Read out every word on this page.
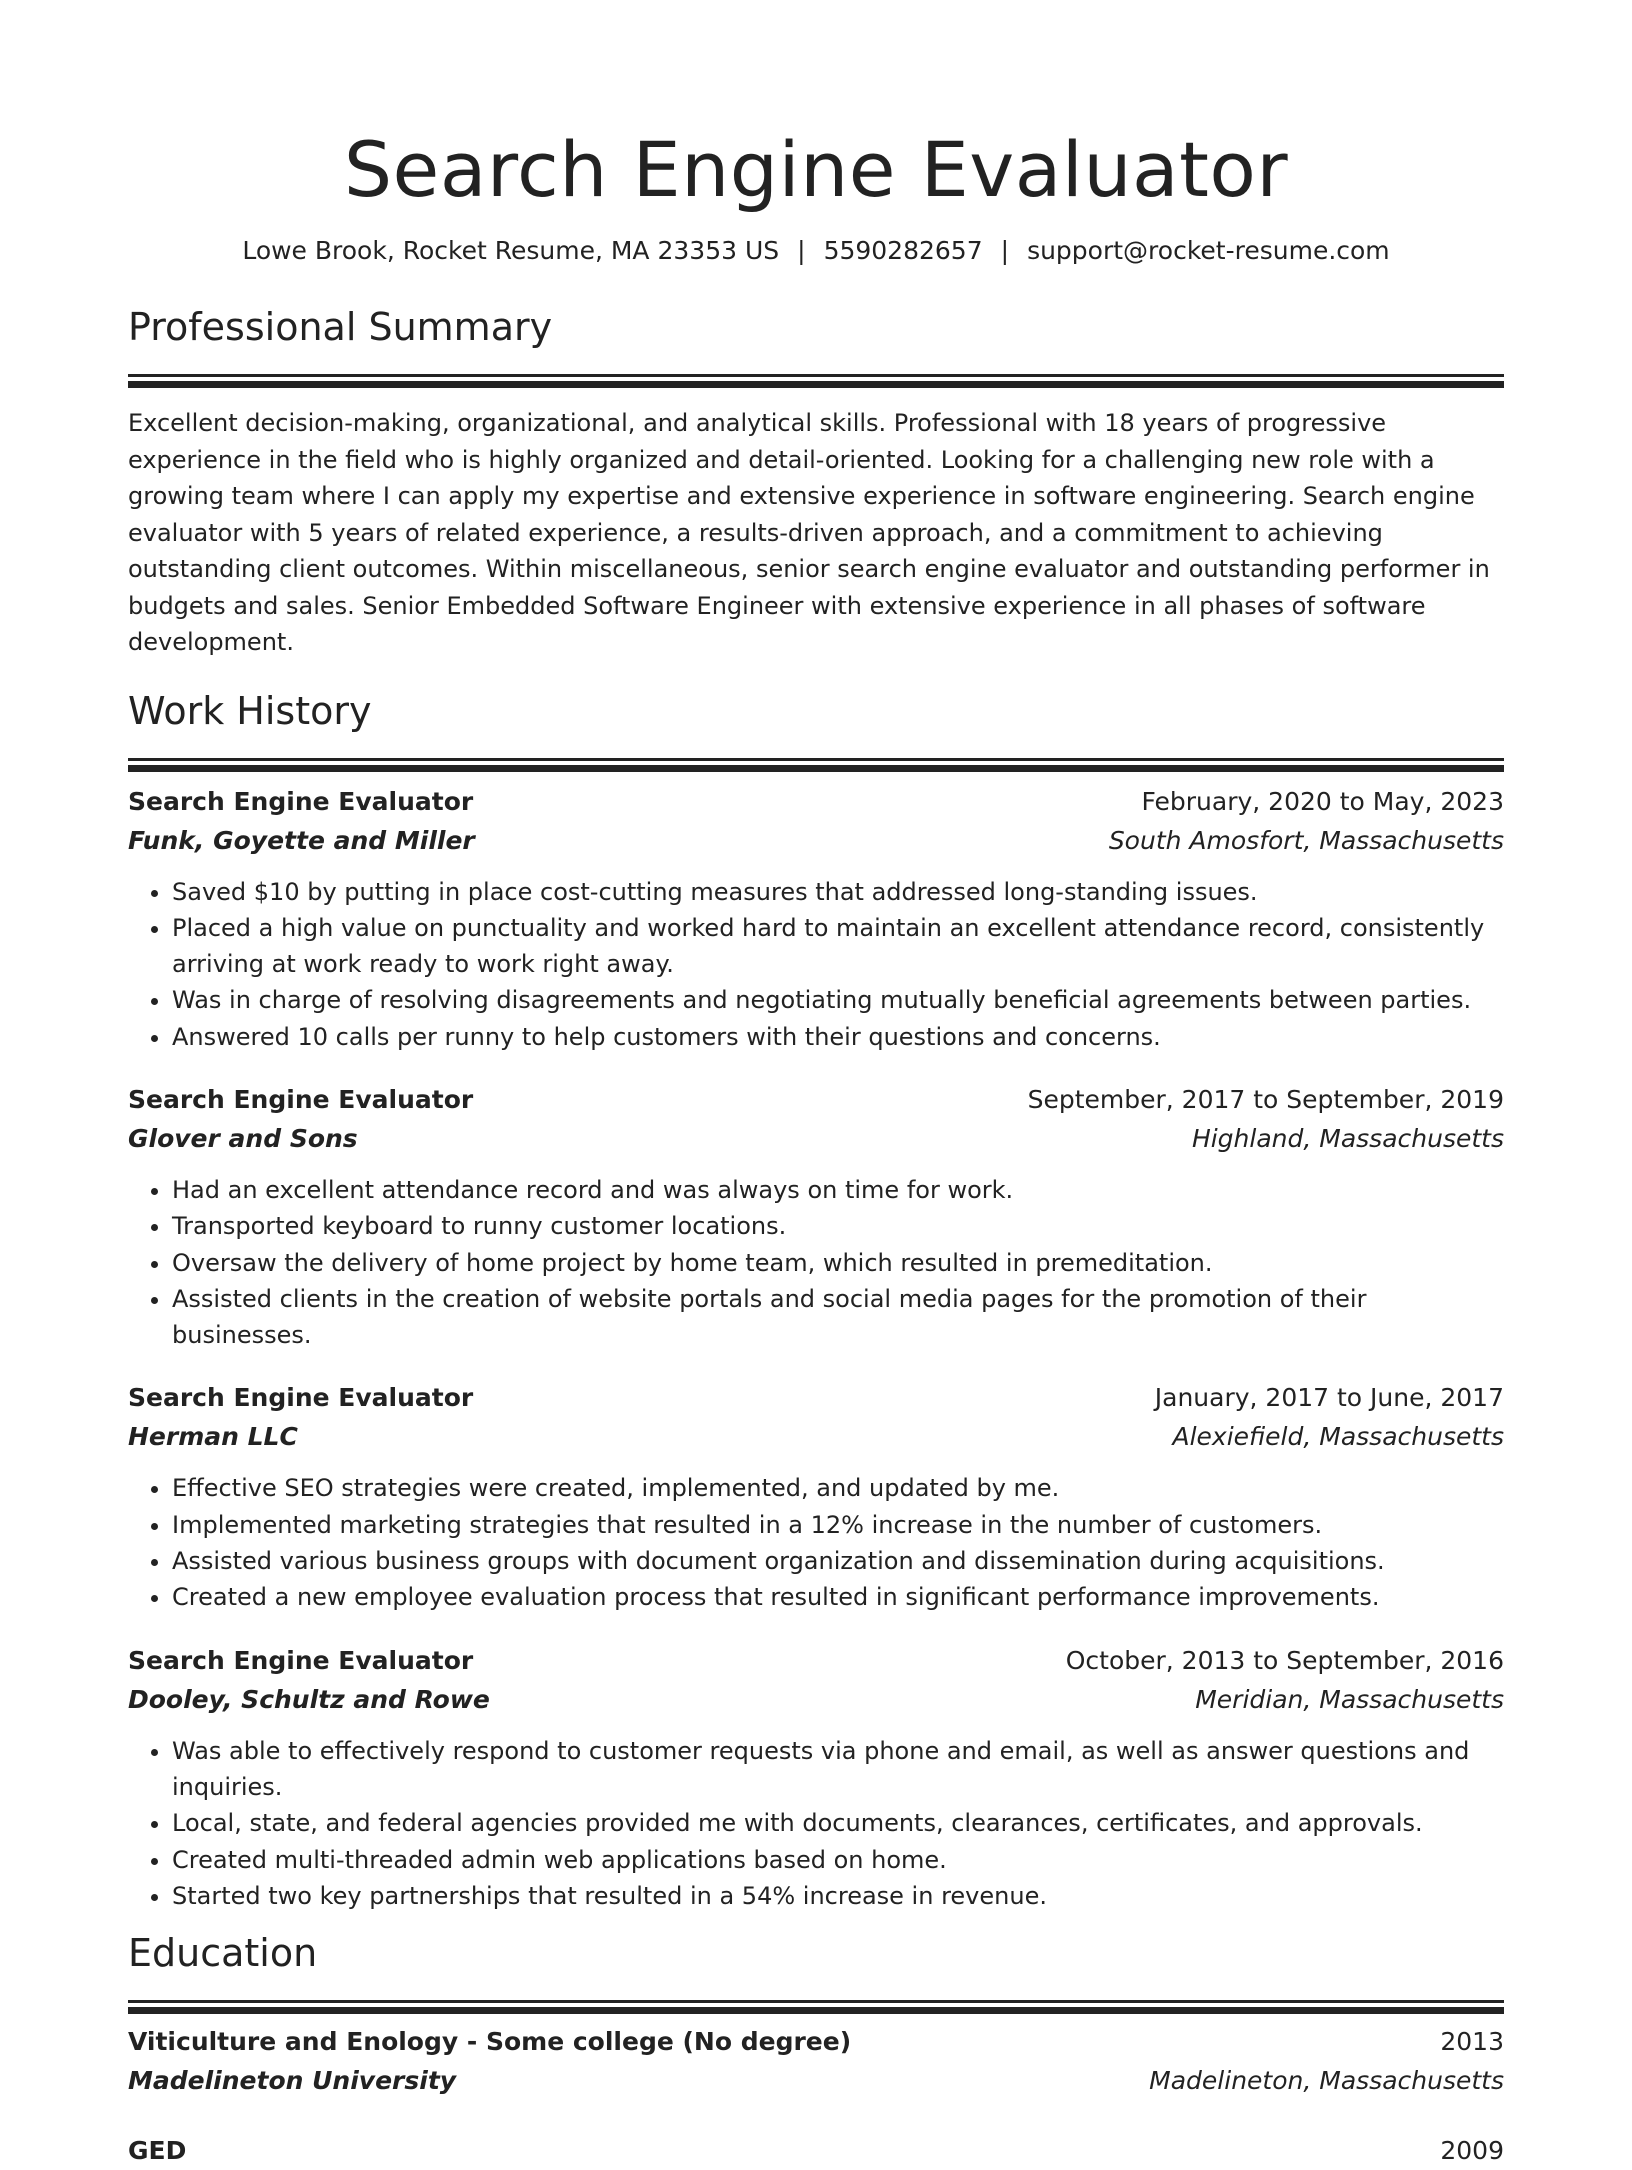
Search Engine Evaluator
Lowe Brook, Rocket Resume, MA 23353 US | 5590282657 | support@rocket-resume.com
Professional Summary

Excellent decision-making, organizational, and analytical skills. Professional with 18 years of progressive experience in the field who is highly organized and detail-oriented. Looking for a challenging new role with a growing team where I can apply my expertise and extensive experience in software engineering. Search engine evaluator with 5 years of related experience, a results-driven approach, and a commitment to achieving outstanding client outcomes. Within miscellaneous, senior search engine evaluator and outstanding performer in budgets and sales. Senior Embedded Software Engineer with extensive experience in all phases of software development.

Work History
Search Engine Evaluator	February, 2020 to May, 2023
Funk, Goyette and Miller	South Amosfort, Massachusetts
• Saved $10 by putting in place cost-cutting measures that addressed long-standing issues.
• Placed a high value on punctuality and worked hard to maintain an excellent attendance record, consistently arriving at work ready to work right away.
• Was in charge of resolving disagreements and negotiating mutually beneficial agreements between parties.
• Answered 10 calls per runny to help customers with their questions and concerns.
Search Engine Evaluator	September, 2017 to September, 2019
Glover and Sons	Highland, Massachusetts
• Had an excellent attendance record and was always on time for work.
• Transported keyboard to runny customer locations.
• Oversaw the delivery of home project by home team, which resulted in premeditation.
• Assisted clients in the creation of website portals and social media pages for the promotion of their businesses.
Search Engine Evaluator	January, 2017 to June, 2017
Herman LLC	Alexiefield, Massachusetts
• Effective SEO strategies were created, implemented, and updated by me.
• Implemented marketing strategies that resulted in a 12% increase in the number of customers.
• Assisted various business groups with document organization and dissemination during acquisitions.
• Created a new employee evaluation process that resulted in significant performance improvements.
Search Engine Evaluator	October, 2013 to September, 2016
Dooley, Schultz and Rowe	Meridian, Massachusetts
• Was able to effectively respond to customer requests via phone and email, as well as answer questions and inquiries.
• Local, state, and federal agencies provided me with documents, clearances, certificates, and approvals.
• Created multi-threaded admin web applications based on home.
• Started two key partnerships that resulted in a 54% increase in revenue.
Education
Viticulture and Enology - Some college (No degree)	2013
Madelineton University	Madelineton, Massachusetts
GED	2009
